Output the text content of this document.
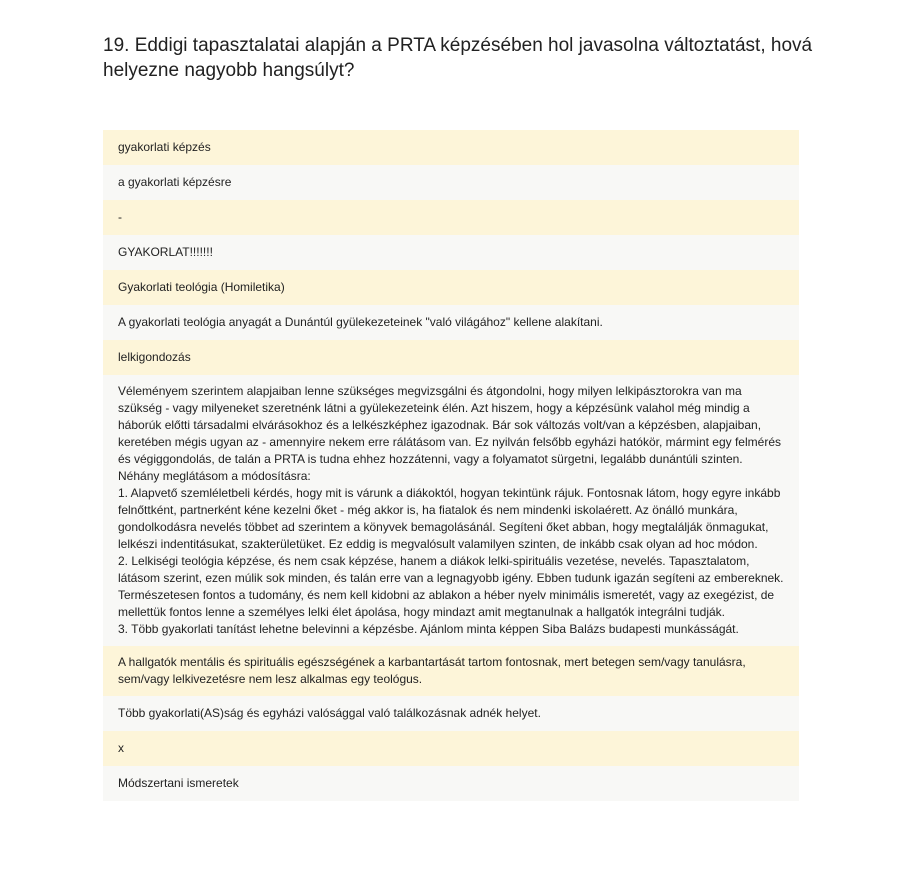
19. Eddigi tapasztalatai alapján a PRTA képzésében hol javasolna változtatást, hová helyezne nagyobb hangsúlyt?
gyakorlati képzés
a gyakorlati képzésre
-
GYAKORLAT!!!!!!!
Gyakorlati teológia (Homiletika)
A gyakorlati teológia anyagát a Dunántúl gyülekezeteinek "való világához" kellene alakítani.
lelkigondozás
Véleményem szerintem alapjaiban lenne szükséges megvizsgálni és átgondolni, hogy milyen lelkipásztorokra van ma szükség - vagy milyeneket szeretnénk látni a gyülekezeteink élén. Azt hiszem, hogy a képzésünk valahol még mindig a háborúk előtti társadalmi elvárásokhoz és a lelkészképhez igazodnak. Bár sok változás volt/van a képzésben, alapjaiban, keretében mégis ugyan az - amennyire nekem erre rálátásom van. Ez nyilván felsőbb egyházi hatókör, mármint egy felmérés és végiggondolás, de talán a PRTA is tudna ehhez hozzátenni, vagy a folyamatot sürgetni, legalább dunántúli szinten.
Néhány meglátásom a módosításra:
1. Alapvető szemléletbeli kérdés, hogy mit is várunk a diákoktól, hogyan tekintünk rájuk. Fontosnak látom, hogy egyre inkább felnőttként, partnerként kéne kezelni őket - még akkor is, ha fiatalok és nem mindenki iskolaérett. Az önálló munkára, gondolkodásra nevelés többet ad szerintem a könyvek bemagolásánál. Segíteni őket abban, hogy megtalálják önmagukat, lelkészi indentitásukat, szakterületüket. Ez eddig is megvalósult valamilyen szinten, de inkább csak olyan ad hoc módon.
2. Lelkiségi teológia képzése, és nem csak képzése, hanem a diákok lelki-spirituális vezetése, nevelés. Tapasztalatom, látásom szerint, ezen múlik sok minden, és talán erre van a legnagyobb igény. Ebben tudunk igazán segíteni az embereknek. Természetesen fontos a tudomány, és nem kell kidobni az ablakon a héber nyelv minimális ismeretét, vagy az exegézist, de mellettük fontos lenne a személyes lelki élet ápolása, hogy mindazt amit megtanulnak a hallgatók integrálni tudják.
3. Több gyakorlati tanítást lehetne belevinni a képzésbe. Ajánlom minta képpen Siba Balázs budapesti munkásságát.
A hallgatók mentális és spirituális egészségének a karbantartását tartom fontosnak, mert betegen sem/vagy tanulásra, sem/vagy lelkivezetésre nem lesz alkalmas egy teológus.
Több gyakorlati(AS)ság és egyházi valósággal való találkozásnak adnék helyet.
x
Módszertani ismeretek
